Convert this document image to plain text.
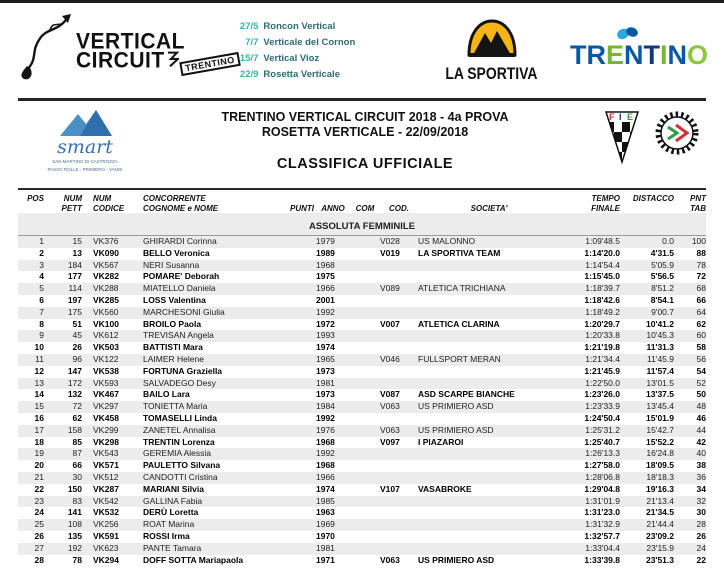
VERTICAL
CIRCUIT	TRENTINO
27/5 Roncon Vertical
7/7 Verticale del Cornon
15/7 Vertical Vioz
22/9 Rosetta Verticale	LA SPORTIVA
TRENTINO
smart
SAN MARTINO DI CASTROZZA
PASSO ROLLE - PRIMIERO - VANOI
TRENTINO VERTICAL CIRCUIT 2018 - 4a PROVA
ROSETTA VERTICALE - 22/09/2018
CLASSIFICA UFFICIALE
F I E
POS	NUM	NUM	CONCORRENTE						TEMPO	DISTACCO	PNT
	PETT	CODICE	COGNOME e NOME	PUNTI	ANNO	COM	COD.	SOCIETA'	FINALE		TAB
ASSOLUTA FEMMINILE											
1	15	VK376	GHIRARDI Corinna		1979		V028	US MALONNO	1:09'48.5	0.0	100
2	13	VK090	BELLO Veronica		1989		V019	LA SPORTIVA TEAM	1:14'20.0	4'31.5	88
3	184	VK567	NERI Susanna		1968				1:14'54.4	5'05.9	78
4	177	VK282	POMARE' Deborah		1975				1:15'45.0	5'56.5	72
5	114	VK288	MIATELLO Daniela		1966		V089	ATLETICA TRICHIANA	1:18'39.7	8'51.2	68
6	197	VK285	LOSS Valentina		2001				1:18'42.6	8'54.1	66
7	175	VK560	MARCHESONI Giulia		1992				1:18'49.2	9'00.7	64
8	51	VK100	BROILO Paola		1972		V007	ATLETICA CLARINA	1:20'29.7	10'41.2	62
9	45	VK612	TREVISAN Angela		1993				1:20'33.8	10'45.3	60
10	26	VK503	BATTISTI Mara		1974				1:21'19.8	11'31.3	58
11	96	VK122	LAIMER Helene		1965		V046	FULLSPORT MERAN	1:21'34.4	11'45.9	56
12	147	VK538	FORTUNA Graziella		1973				1:21'45.9	11'57.4	54
13	172	VK593	SALVADEGO Desy		1981				1:22'50.0	13'01.5	52
14	132	VK467	BAILO Lara		1973		V087	ASD SCARPE BIANCHE	1:23'26.0	13'37.5	50
15	72	VK297	TONIETTA Maria		1984		V063	US PRIMIERO ASD	1:23'33.9	13'45.4	48
16	62	VK458	TOMASELLI Linda		1992				1:24'50.4	15'01.9	46
17	158	VK299	ZANETEL Annalisa		1976		V063	US PRIMIERO ASD	1:25'31.2	15'42.7	44
18	85	VK298	TRENTIN Lorenza		1968		V097	I PIAZAROI	1:25'40.7	15'52.2	42
19	87	VK543	GEREMIA Alessia		1992				1:26'13.3	16'24.8	40
20	66	VK571	PAULETTO Silvana		1968				1:27'58.0	18'09.5	38
21	30	VK512	CANDOTTI Cristina		1966				1:28'06.8	18'18.3	36
22	150	VK287	MARIANI Silvia		1974		V107	VASABROKE	1:29'04.8	19'16.3	34
23	83	VK542	GALLINA Fabia		1985				1:31'01.9	21'13.4	32
24	141	VK532	DERÙ Loretta		1963				1:31'23.0	21'34.5	30
25	108	VK256	ROAT Marina		1969				1:31'32.9	21'44.4	28
26	135	VK591	ROSSI Irma		1970				1:32'57.7	23'09.2	26
27	192	VK623	PANTE Tamara		1981				1:33'04.4	23'15.9	24
28	78	VK294	DOFF SOTTA Mariapaola		1971		V063	US PRIMIERO ASD	1:33'39.8	23'51.3	22
